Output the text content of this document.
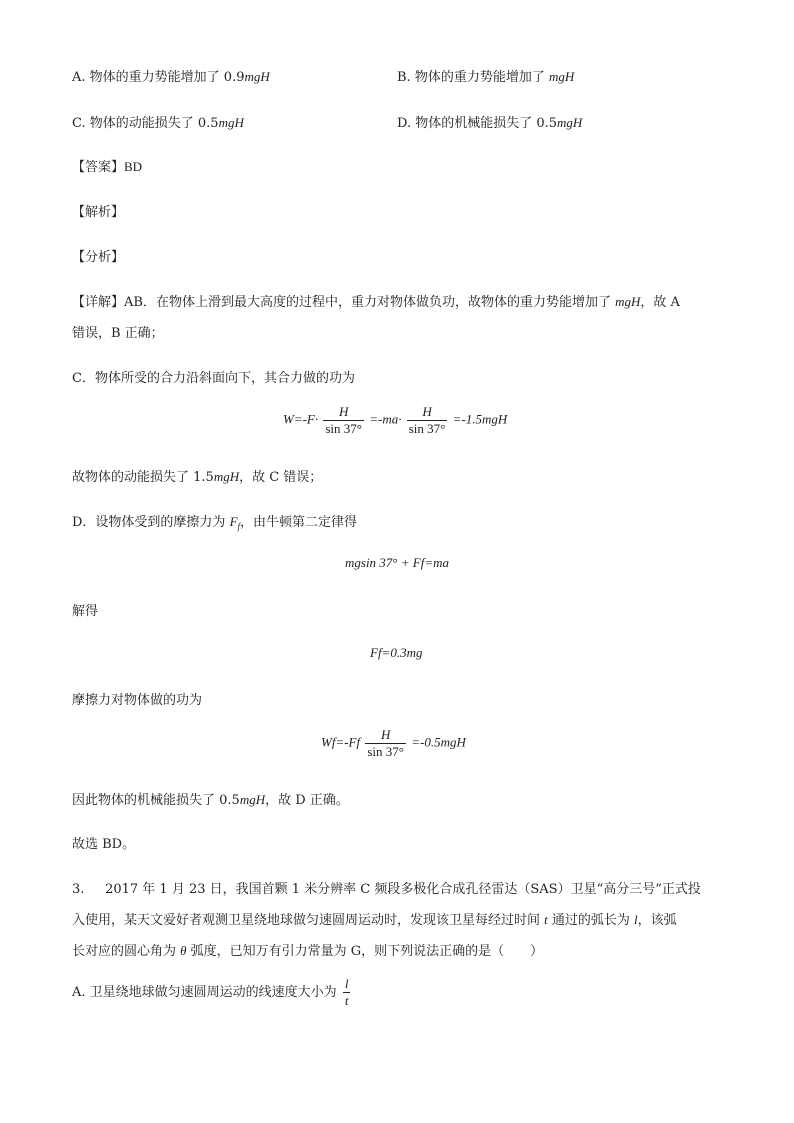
A. 物体的重力势能增加了 0.9mgH	B. 物体的重力势能增加了 mgH
C. 物体的动能损失了 0.5mgH	D. 物体的机械能损失了 0.5mgH
【答案】BD
【解析】
【分析】
【详解】AB．在物体上滑到最大高度的过程中，重力对物体做负功，故物体的重力势能增加了 mgH，故 A
错误，B 正确；
C．物体所受的合力沿斜面向下，其合力做的功为
$W=-F\cdot \frac{H}{\sin 37^\circ} =-ma\cdot \frac{H}{\sin 37^\circ} =-1.5mgH$
故物体的动能损失了 1.5mgH，故 C 错误；
D．设物体受到的摩擦力为 $F_f$，由牛顿第二定律得
mgsin 37° + Ff=ma
解得
Ff=0.3mg
摩擦力对物体做的功为
$Wf=-Ff \frac{H}{\sin 37^\circ} =-0.5mgH$
因此物体的机械能损失了 0.5mgH，故 D 正确。
故选 BD。
3. 2017 年 1 月 23 日，我国首颗 1 米分辨率 C 频段多极化合成孔径雷达（SAS）卫星“高分三号”正式投
入使用，某天文爱好者观测卫星绕地球做匀速圆周运动时，发现该卫星每经过时间 t 通过的弧长为 l，该弧
长对应的圆心角为 θ 弧度，已知万有引力常量为 G，则下列说法正确的是（　　）
A. 卫星绕地球做匀速圆周运动的线速度大小为 $\frac{l}{t}$
